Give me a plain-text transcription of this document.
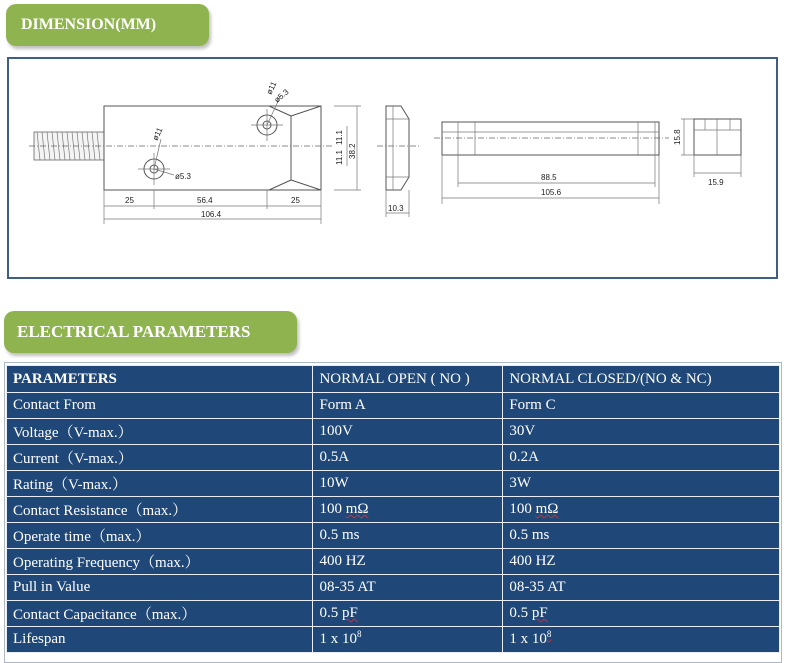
DIMENSION(MM)
25	56.4	25
106.4
38.2
11.1
11.1
ø11
ø5.3
ø11
ø5.3
10.3
88.5
105.6
15.8
15.9
ELECTRICAL PARAMETERS
PARAMETERS	NORMAL OPEN ( NO )	NORMAL CLOSED/(NO & NC)
Contact From	Form A	Form C
Voltage（V-max.）	100V	30V
Current（V-max.）	0.5A	0.2A
Rating（V-max.）	10W	3W
Contact Resistance（max.）	100 mΩ	100 mΩ
Operate time（max.）	0.5 ms	0.5 ms
Operating Frequency（max.）	400 HZ	400 HZ
Pull in Value	08-35 AT	08-35 AT
Contact Capacitance（max.）	0.5 pF	0.5 pF
Lifespan	1 x $10^8$	1 x $10^8$
